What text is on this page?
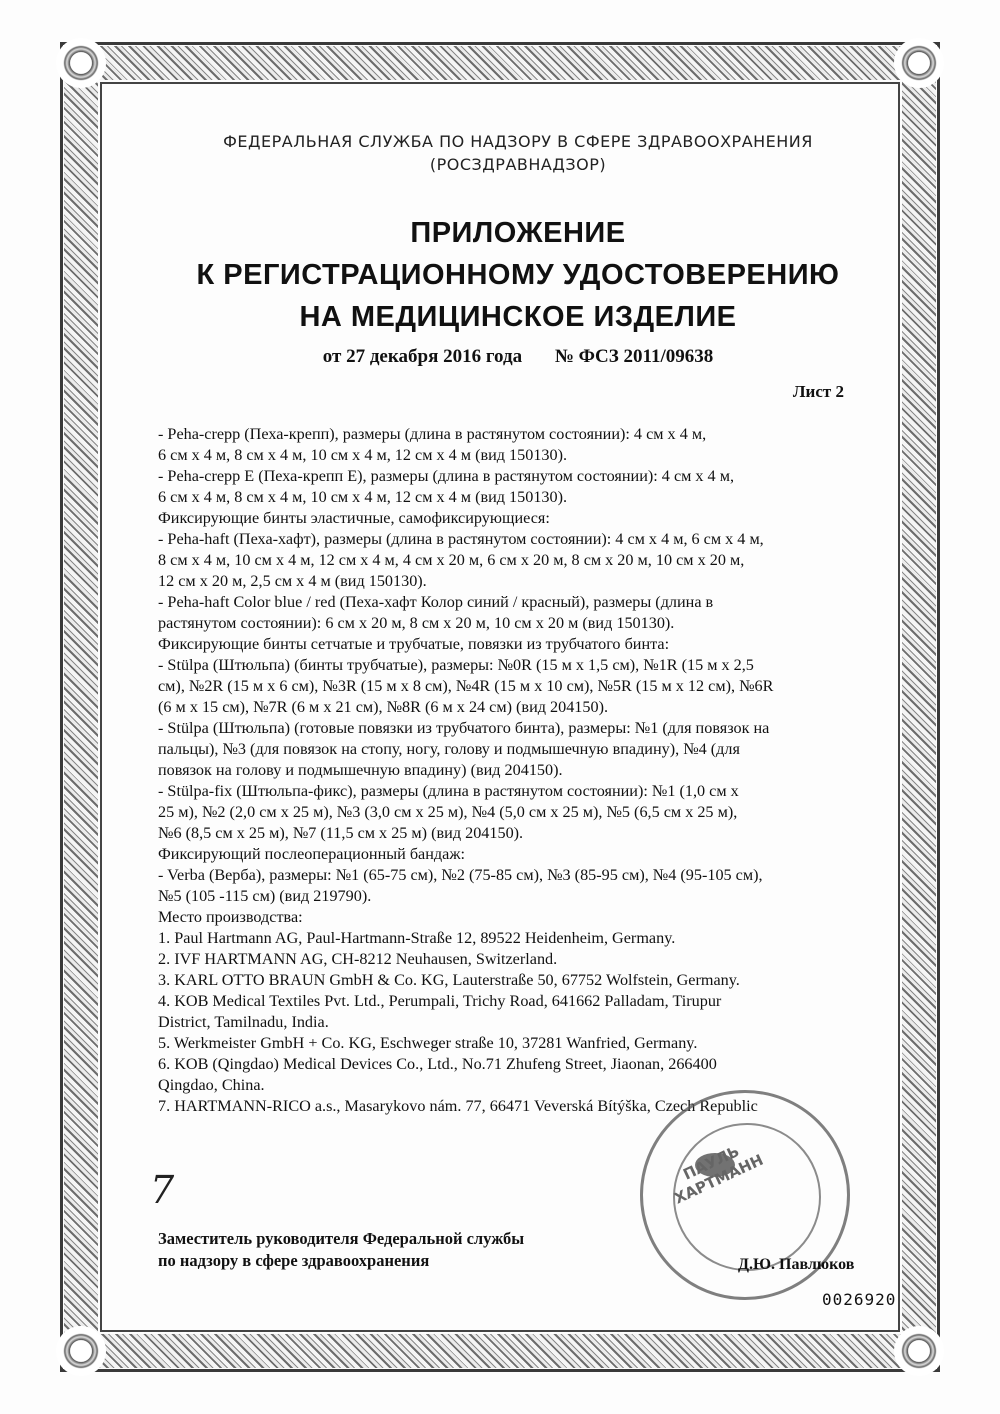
ФЕДЕРАЛЬНАЯ СЛУЖБА ПО НАДЗОРУ В СФЕРЕ ЗДРАВООХРАНЕНИЯ
(РОСЗДРАВНАДЗОР)
ПРИЛОЖЕНИЕ
К РЕГИСТРАЦИОННОМУ УДОСТОВЕРЕНИЮ
НА МЕДИЦИНСКОЕ ИЗДЕЛИЕ
от 27 декабря 2016 года № ФСЗ 2011/09638
Лист 2
- Peha-crepp (Пеха-крепп), размеры (длина в растянутом состоянии): 4 см х 4 м,
6 см х 4 м, 8 см х 4 м, 10 см х 4 м, 12 см х 4 м (вид 150130).
- Peha-crepp E (Пеха-крепп Е), размеры (длина в растянутом состоянии): 4 см х 4 м,
6 см х 4 м, 8 см х 4 м, 10 см х 4 м, 12 см х 4 м (вид 150130).
Фиксирующие бинты эластичные, самофиксирующиеся:
- Peha-haft (Пеха-хафт), размеры (длина в растянутом состоянии): 4 см х 4 м, 6 см х 4 м,
8 см х 4 м, 10 см х 4 м, 12 см х 4 м, 4 см х 20 м, 6 см х 20 м, 8 см х 20 м, 10 см х 20 м,
12 см х 20 м, 2,5 см х 4 м (вид 150130).
- Peha-haft Color blue / red (Пеха-хафт Колор синий / красный), размеры (длина в
растянутом состоянии): 6 см х 20 м, 8 см х 20 м, 10 см х 20 м (вид 150130).
Фиксирующие бинты сетчатые и трубчатые, повязки из трубчатого бинта:
- Stülpa (Штюльпа) (бинты трубчатые), размеры: №0R (15 м х 1,5 см), №1R (15 м х 2,5
см), №2R (15 м х 6 см), №3R (15 м х 8 см), №4R (15 м х 10 см), №5R (15 м х 12 см), №6R
(6 м х 15 см), №7R (6 м х 21 см), №8R (6 м х 24 см) (вид 204150).
- Stülpa (Штюльпа) (готовые повязки из трубчатого бинта), размеры: №1 (для повязок на
пальцы), №3 (для повязок на стопу, ногу, голову и подмышечную впадину), №4 (для
повязок на голову и подмышечную впадину) (вид 204150).
- Stülpa-fix (Штюльпа-фикс), размеры (длина в растянутом состоянии): №1 (1,0 см х
25 м), №2 (2,0 см х 25 м), №3 (3,0 см х 25 м), №4 (5,0 см х 25 м), №5 (6,5 см х 25 м),
№6 (8,5 см х 25 м), №7 (11,5 см х 25 м) (вид 204150).
Фиксирующий послеоперационный бандаж:
- Verba (Верба), размеры: №1 (65-75 см), №2 (75-85 см), №3 (85-95 см), №4 (95-105 см),
№5 (105 -115 см) (вид 219790).
Место производства:
1. Paul Hartmann AG, Paul-Hartmann-Straße 12, 89522 Heidenheim, Germany.
2. IVF HARTMANN AG, CH-8212 Neuhausen, Switzerland.
3. KARL OTTO BRAUN GmbH & Co. KG, Lauterstraße 50, 67752 Wolfstein, Germany.
4. KOB Medical Textiles Pvt. Ltd., Perumpali, Trichy Road, 641662 Palladam, Tirupur
District, Tamilnadu, India.
5. Werkmeister GmbH + Co. KG, Eschweger straße 10, 37281 Wanfried, Germany.
6. KOB (Qingdao) Medical Devices Co., Ltd., No.71 Zhufeng Street, Jiaonan, 266400
Qingdao, China.
7. HARTMANN-RICO a.s., Masarykovo nám. 77, 66471 Veverská Bítýška, Czech Republic
7
ПАУЛЬ ХАРТМАНН
Заместитель руководителя Федеральной службы
по надзору в сфере здравоохранения	Д.Ю. Павлюков
0026920
